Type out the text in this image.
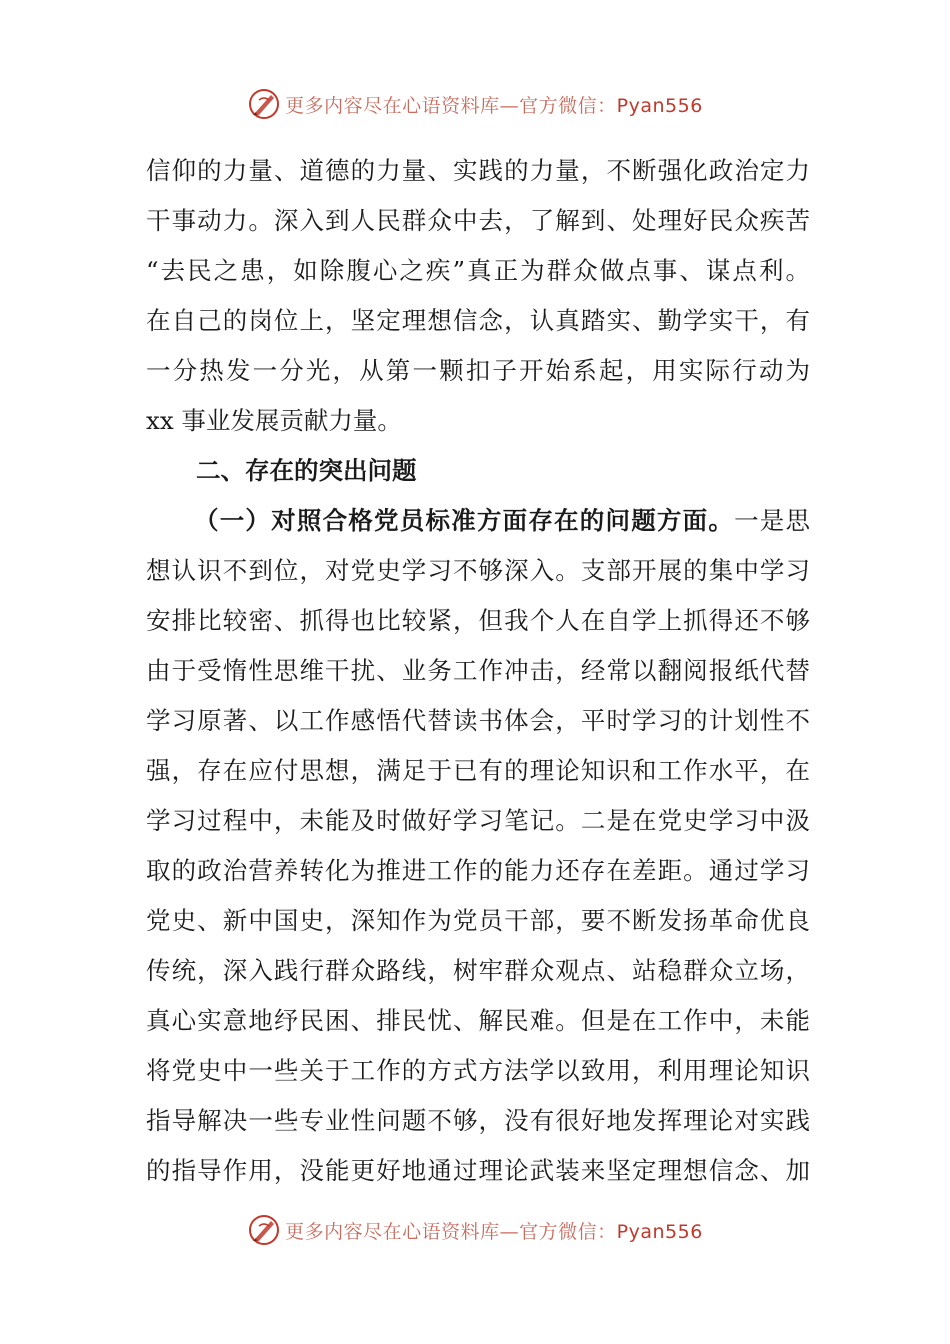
更多内容尽在心语资料库—官方微信：Pyan556
信仰的力量、道德的力量、实践的力量，不断强化政治定力
干事动力。深入到人民群众中去，了解到、处理好民众疾苦
“去民之患，如除腹心之疾”真正为群众做点事、谋点利。
在自己的岗位上，坚定理想信念，认真踏实、勤学实干，有
一分热发一分光，从第一颗扣子开始系起，用实际行动为
xx 事业发展贡献力量。
二、存在的突出问题
（一）对照合格党员标准方面存在的问题方面。一是思
想认识不到位，对党史学习不够深入。支部开展的集中学习
安排比较密、抓得也比较紧，但我个人在自学上抓得还不够
由于受惰性思维干扰、业务工作冲击，经常以翻阅报纸代替
学习原著、以工作感悟代替读书体会，平时学习的计划性不
强，存在应付思想，满足于已有的理论知识和工作水平，在
学习过程中，未能及时做好学习笔记。二是在党史学习中汲
取的政治营养转化为推进工作的能力还存在差距。通过学习
党史、新中国史，深知作为党员干部，要不断发扬革命优良
传统，深入践行群众路线，树牢群众观点、站稳群众立场，
真心实意地纾民困、排民忧、解民难。但是在工作中，未能
将党史中一些关于工作的方式方法学以致用，利用理论知识
指导解决一些专业性问题不够，没有很好地发挥理论对实践
的指导作用，没能更好地通过理论武装来坚定理想信念、加
更多内容尽在心语资料库—官方微信：Pyan556
